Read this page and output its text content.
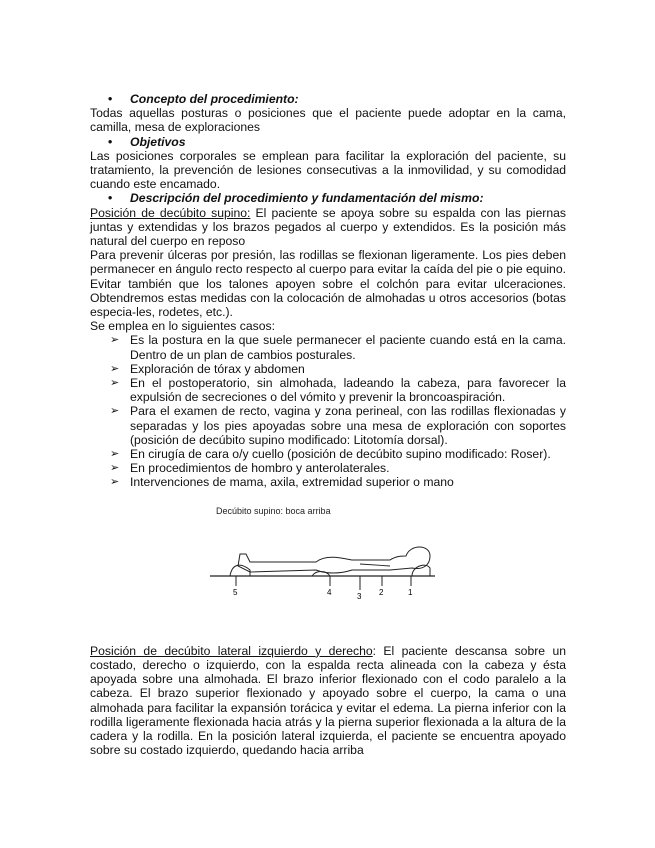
• Concepto del procedimiento:

Todas aquellas posturas o posiciones que el paciente puede adoptar en la cama, camilla, mesa de exploraciones

• Objetivos

Las posiciones corporales se emplean para facilitar la exploración del paciente, su tratamiento, la prevención de lesiones consecutivas a la inmovilidad, y su comodidad cuando este encamado.

• Descripción del procedimiento y fundamentación del mismo:

Posición de decúbito supino: El paciente se apoya sobre su espalda con las piernas juntas y extendidas y los brazos pegados al cuerpo y extendidos. Es la posición más natural del cuerpo en reposo

Para prevenir úlceras por presión, las rodillas se flexionan ligeramente. Los pies deben permanecer en ángulo recto respecto al cuerpo para evitar la caída del pie o pie equino. Evitar también que los talones apoyen sobre el colchón para evitar ulceraciones. Obtendremos estas medidas con la colocación de almohadas u otros accesorios (botas especia-les, rodetes, etc.).

Se emplea en lo siguientes casos:

➢ Es la postura en la que suele permanecer el paciente cuando está en la cama. Dentro de un plan de cambios posturales.
➢ Exploración de tórax y abdomen
➢ En el postoperatorio, sin almohada, ladeando la cabeza, para favorecer la expulsión de secreciones o del vómito y prevenir la broncoaspiración.
➢ Para el examen de recto, vagina y zona perineal, con las rodillas flexionadas y separadas y los pies apoyadas sobre una mesa de exploración con soportes (posición de decúbito supino modificado: Litotomía dorsal).
➢ En cirugía de cara o/y cuello (posición de decúbito supino modificado: Roser).
➢ En procedimientos de hombro y anterolaterales.
➢ Intervenciones de mama, axila, extremidad superior o mano
Decúbito supino: boca arriba
5	4	3 2	1

Posición de decúbito lateral izquierdo y derecho: El paciente descansa sobre un costado, derecho o izquierdo, con la espalda recta alineada con la cabeza y ésta apoyada sobre una almohada. El brazo inferior flexionado con el codo paralelo a la cabeza. El brazo superior flexionado y apoyado sobre el cuerpo, la cama o una almohada para facilitar la expansión torácica y evitar el edema. La pierna inferior con la rodilla ligeramente flexionada hacia atrás y la pierna superior flexionada a la altura de la cadera y la rodilla. En la posición lateral izquierda, el paciente se encuentra apoyado sobre su costado izquierdo, quedando hacia arriba
